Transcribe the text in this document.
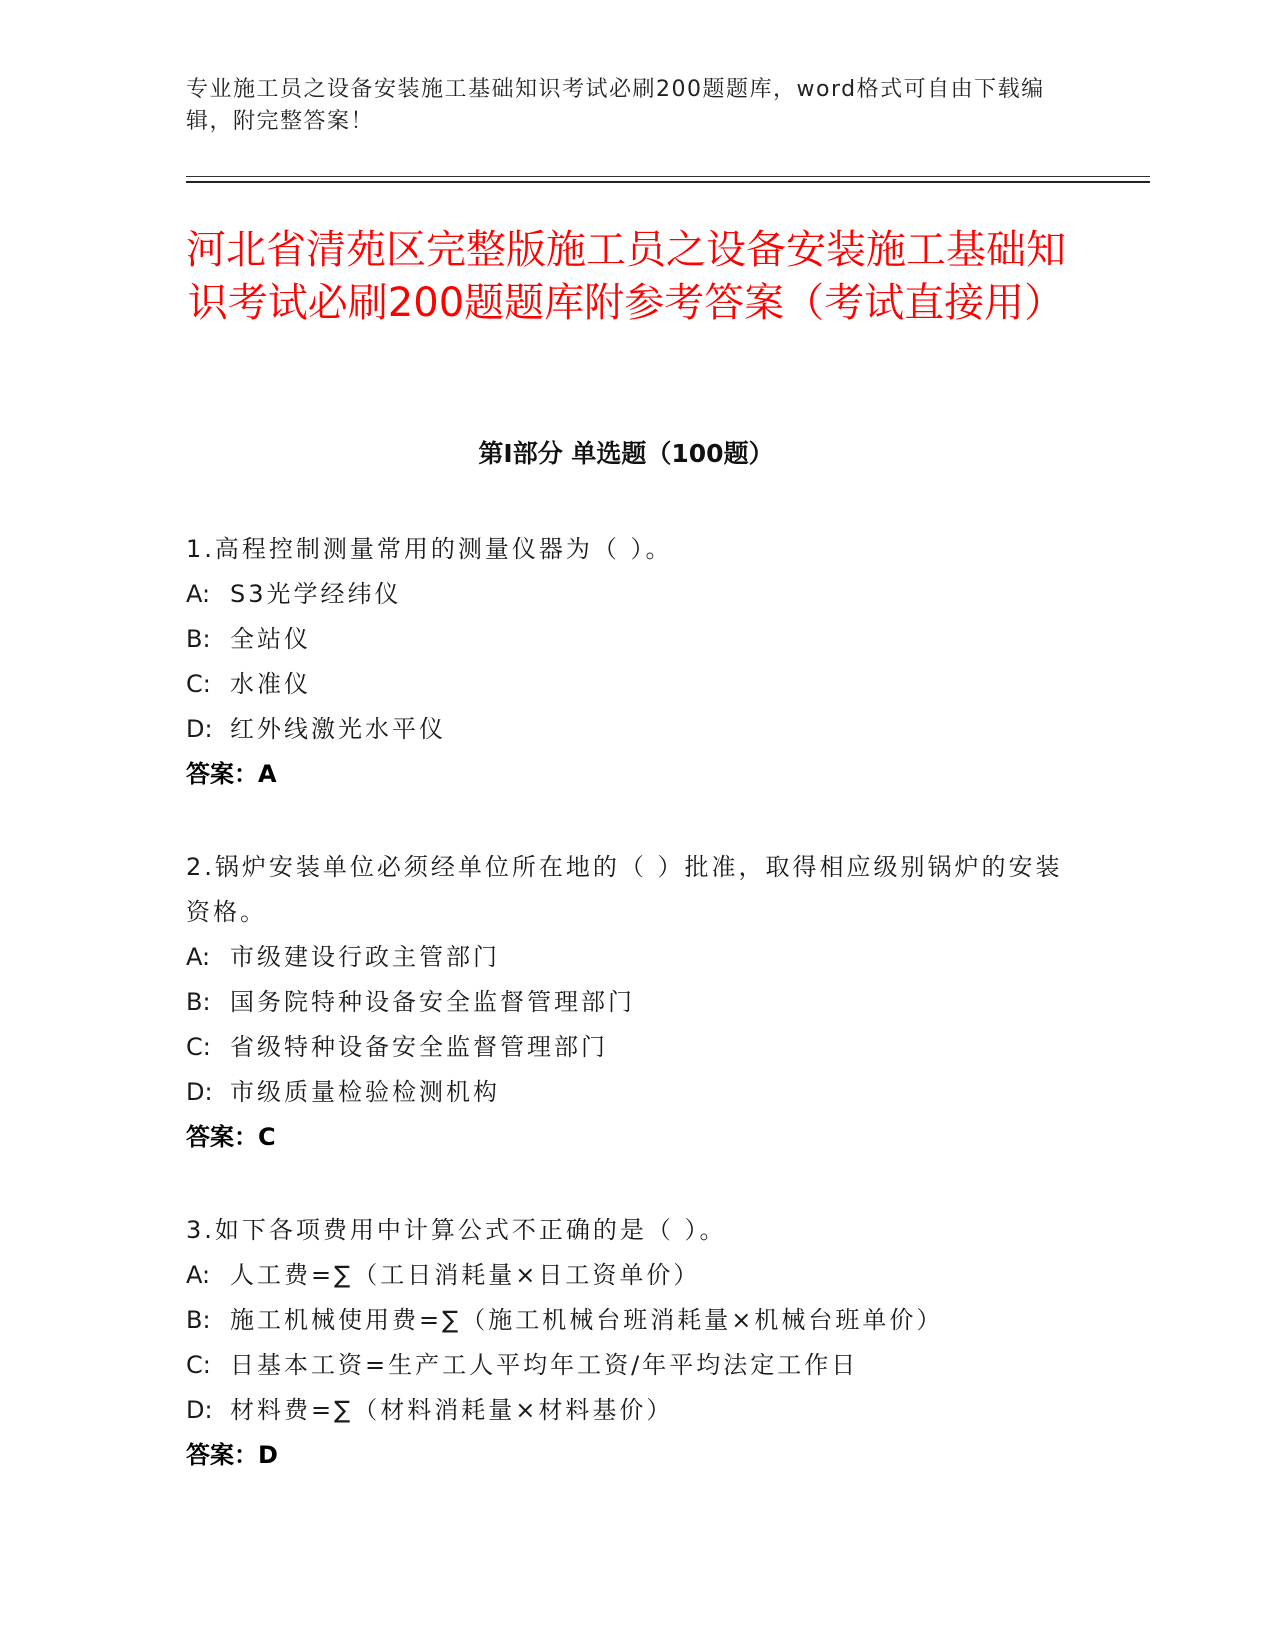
专业施工员之设备安装施工基础知识考试必刷200题题库，word格式可自由下载编辑，附完整答案！
河北省清苑区完整版施工员之设备安装施工基础知识考试必刷200题题库附参考答案（考试直接用）
第Ⅰ部分 单选题（100题）
1.高程控制测量常用的测量仪器为（ ）。
A: S3光学经纬仪
B: 全站仪
C: 水准仪
D: 红外线激光水平仪
答案：A
2.锅炉安装单位必须经单位所在地的（ ）批准，取得相应级别锅炉的安装资格。
A: 市级建设行政主管部门
B: 国务院特种设备安全监督管理部门
C: 省级特种设备安全监督管理部门
D: 市级质量检验检测机构
答案：C
3.如下各项费用中计算公式不正确的是（ ）。
A: 人工费=∑（工日消耗量×日工资单价）
B: 施工机械使用费=∑（施工机械台班消耗量×机械台班单价）
C: 日基本工资=生产工人平均年工资/年平均法定工作日
D: 材料费=∑（材料消耗量×材料基价）
答案：D
